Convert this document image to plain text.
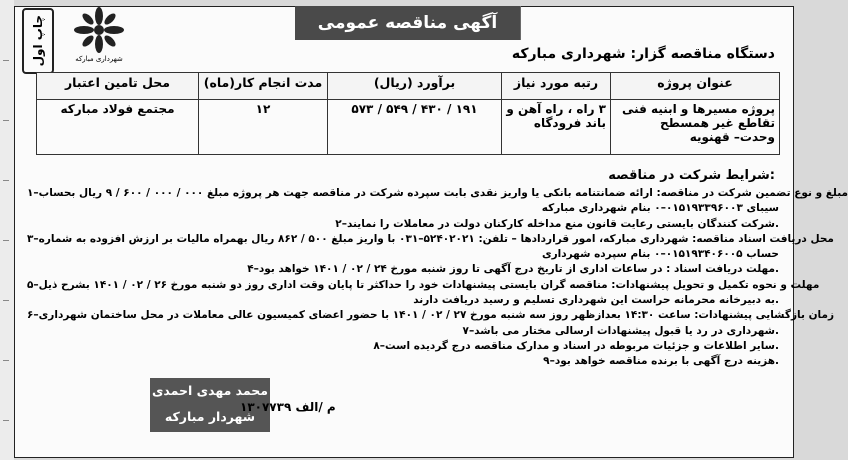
آگهی مناقصه عمومی
چاپ اول	شهرداری مبارکه	دستگاه مناقصه گزار: شهرداری مبارکه
عنوان پروژه	رتبه مورد نیاز	برآورد (ریال)	مدت انجام کار(ماه)	محل تامین اعتبار
پروژه مسیرها و ابنیه فنی تقاطع غیر همسطح وحدت– قهنویه	۳ راه ، راه آهن و باند فرودگاه	۱۹۱ / ۴۳۰ / ۵۴۹ / ۵۷۳	۱۲	مجتمع فولاد مبارکه
شرایط شرکت در مناقصه:
۱–مبلغ و نوع تضمین شرکت در مناقصه: ارائه ضمانتنامه بانکی یا واریز نقدی بابت سپرده شرکت در مناقصه جهت هر پروژه مبلغ ۰۰۰ / ۰۰۰ / ۶۰۰ / ۹ ریال بحساب
سیبای ۰۱۵۱۹۳۳۹۶۰۰۳–۰ بنام شهرداری مبارکه
۲–شرکت کنندگان بایستی رعایت قانون منع مداخله کارکنان دولت در معاملات را نمایند.
۳–محل دریافت اسناد مناقصه: شهرداری مبارکه، امور قراردادها – تلفن: ۵۲۴۰۲۰۲۱–۰۳۱ با واریز مبلغ ۵۰۰ / ۸۶۲ ریال بهمراه مالیات بر ارزش افزوده به شماره
حساب ۰۱۵۱۹۳۴۰۶۰۰۵–۰ بنام سپرده شهرداری
۴–مهلت دریافت اسناد : در ساعات اداری از تاریخ درج آگهی تا روز شنبه مورخ ۲۴ / ۰۲ / ۱۴۰۱ خواهد بود.
۵–مهلت و نحوه تکمیل و تحویل پیشنهادات: مناقصه گران بایستی پیشنهادات خود را حداکثر تا پایان وقت اداری روز دو شنبه مورخ ۲۶ / ۰۲ / ۱۴۰۱ بشرح ذیل
به دبیرخانه محرمانه حراست این شهرداری تسلیم و رسید دریافت دارند.
۶–زمان بازگشایی پیشنهادات: ساعت ۱۴:۳۰ بعدازظهر روز سه شنبه مورخ ۲۷ / ۰۲ / ۱۴۰۱ با حضور اعضای کمیسیون عالی معاملات در محل ساختمان شهرداری
۷–شهرداری در رد یا قبول پیشنهادات ارسالی مختار می باشد.
۸–سایر اطلاعات و جزئیات مربوطه در اسناد و مدارک مناقصه درج گردیده است.
۹–هزینه درج آگهی با برنده مناقصه خواهد بود.
محمد مهدی احمدی
شهردار مبارکه
م /الف ۱۳۰۷۷۳۹
